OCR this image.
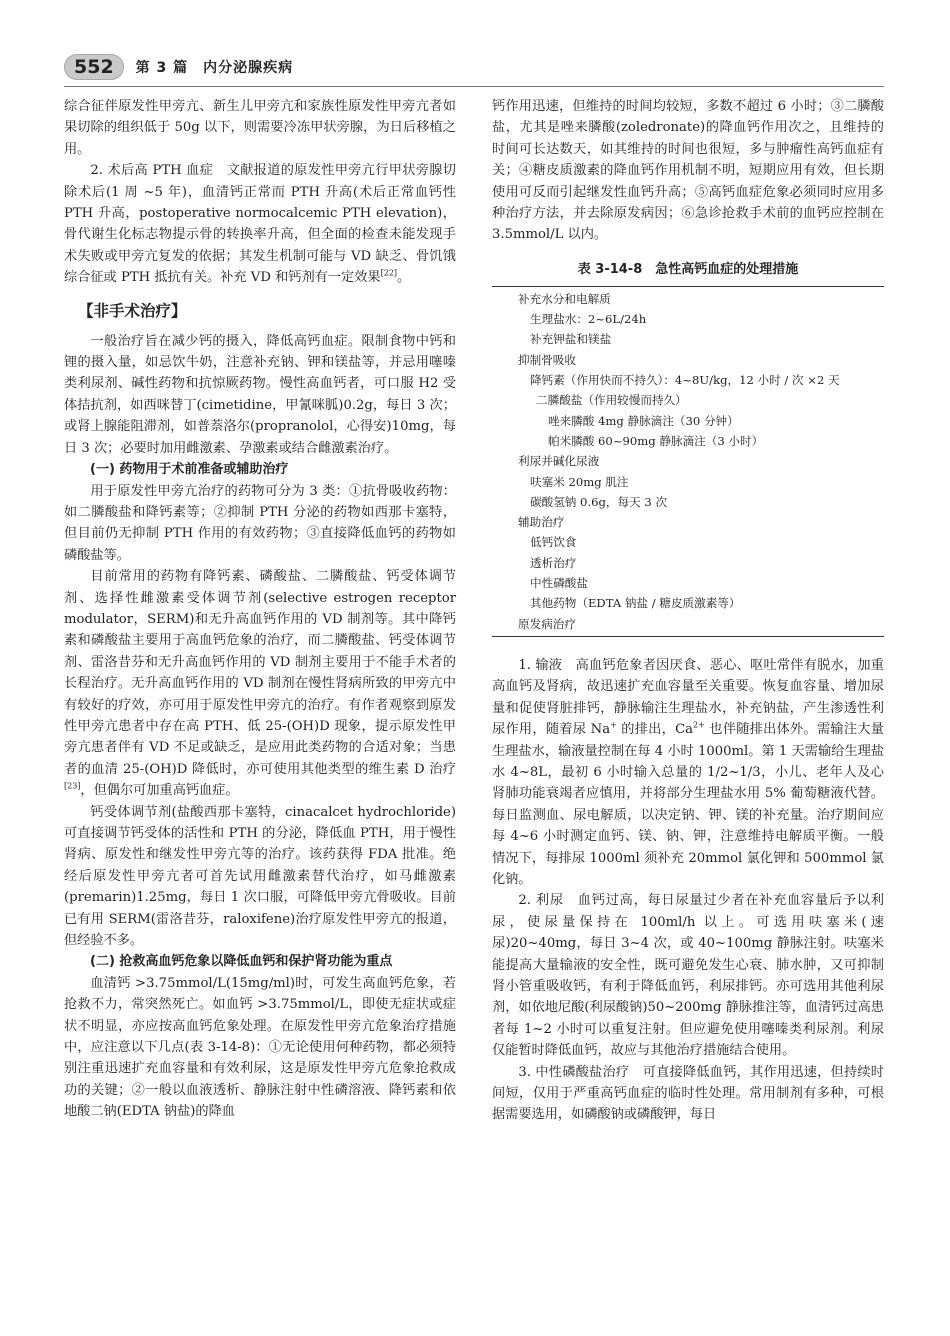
552	第 3 篇　内分泌腺疾病

综合征伴原发性甲旁亢、新生儿甲旁亢和家族性原发性甲旁亢者如果切除的组织低于 50g 以下，则需要冷冻甲状旁腺，为日后移植之用。

2. 术后高 PTH 血症　文献报道的原发性甲旁亢行甲状旁腺切除术后(1 周 ~5 年)，血清钙正常而 PTH 升高(术后正常血钙性 PTH 升高，postoperative normocalcemic PTH elevation)，骨代谢生化标志物提示骨的转换率升高，但全面的检查未能发现手术失败或甲旁亢复发的依据；其发生机制可能与 VD 缺乏、骨饥饿综合征或 PTH 抵抗有关。补充 VD 和钙剂有一定效果[22]。

【非手术治疗】

一般治疗旨在减少钙的摄入，降低高钙血症。限制食物中钙和锂的摄入量，如忌饮牛奶，注意补充钠、钾和镁盐等，并忌用噻嗪类利尿剂、碱性药物和抗惊厥药物。慢性高血钙者，可口服 H2 受体拮抗剂，如西咪替丁(cimetidine，甲氰咪胍)0.2g，每日 3 次；或肾上腺能阻滞剂，如普萘洛尔(propranolol，心得安)10mg，每日 3 次；必要时加用雌激素、孕激素或结合雌激素治疗。

(一) 药物用于术前准备或辅助治疗

用于原发性甲旁亢治疗的药物可分为 3 类：①抗骨吸收药物：如二膦酸盐和降钙素等；②抑制 PTH 分泌的药物如西那卡塞特，但目前仍无抑制 PTH 作用的有效药物；③直接降低血钙的药物如磷酸盐等。

目前常用的药物有降钙素、磷酸盐、二膦酸盐、钙受体调节剂、选择性雌激素受体调节剂(selective estrogen receptor modulator，SERM)和无升高血钙作用的 VD 制剂等。其中降钙素和磷酸盐主要用于高血钙危象的治疗，而二膦酸盐、钙受体调节剂、雷洛昔芬和无升高血钙作用的 VD 制剂主要用于不能手术者的长程治疗。无升高血钙作用的 VD 制剂在慢性肾病所致的甲旁亢中有较好的疗效，亦可用于原发性甲旁亢的治疗。有作者观察到原发性甲旁亢患者中存在高 PTH、低 25-(OH)D 现象，提示原发性甲旁亢患者伴有 VD 不足或缺乏，是应用此类药物的合适对象；当患者的血清 25-(OH)D 降低时，亦可使用其他类型的维生素 D 治疗[23]，但偶尔可加重高钙血症。

钙受体调节剂(盐酸西那卡塞特，cinacalcet hydrochloride)可直接调节钙受体的活性和 PTH 的分泌，降低血 PTH，用于慢性肾病、原发性和继发性甲旁亢等的治疗。该药获得 FDA 批准。绝经后原发性甲旁亢者可首先试用雌激素替代治疗，如马雌激素(premarin)1.25mg，每日 1 次口服，可降低甲旁亢骨吸收。目前已有用 SERM(雷洛昔芬，raloxifene)治疗原发性甲旁亢的报道，但经验不多。

(二) 抢救高血钙危象以降低血钙和保护肾功能为重点

血清钙 >3.75mmol/L(15mg/ml)时，可发生高血钙危象，若抢救不力，常突然死亡。如血钙 >3.75mmol/L，即使无症状或症状不明显，亦应按高血钙危象处理。在原发性甲旁亢危象治疗措施中，应注意以下几点(表 3-14-8)：①无论使用何种药物，都必须特别注重迅速扩充血容量和有效利尿，这是原发性甲旁亢危象抢救成功的关键；②一般以血液透析、静脉注射中性磷溶液、降钙素和依地酸二钠(EDTA 钠盐)的降血

钙作用迅速，但维持的时间均较短，多数不超过 6 小时；③二膦酸盐，尤其是唑来膦酸(zoledronate)的降血钙作用次之，且维持的时间可长达数天，如其维持的时间也很短，多与肿瘤性高钙血症有关；④糖皮质激素的降血钙作用机制不明，短期应用有效，但长期使用可反而引起继发性血钙升高；⑤高钙血症危象必须同时应用多种治疗方法，并去除原发病因；⑥急诊抢救手术前的血钙应控制在 3.5mmol/L 以内。

表 3-14-8　急性高钙血症的处理措施
补充水分和电解质
生理盐水：2~6L/24h
补充钾盐和镁盐
抑制骨吸收
降钙素（作用快而不持久）：4~8U/kg，12 小时 / 次 ×2 天
二膦酸盐（作用较慢而持久）
唑来膦酸 4mg 静脉滴注（30 分钟）
帕米膦酸 60~90mg 静脉滴注（3 小时）
利尿并碱化尿液
呋塞米 20mg 肌注
碳酸氢钠 0.6g，每天 3 次
辅助治疗
低钙饮食
透析治疗
中性磷酸盐
其他药物（EDTA 钠盐 / 糖皮质激素等）
原发病治疗

1. 输液　高血钙危象者因厌食、恶心、呕吐常伴有脱水，加重高血钙及肾病，故迅速扩充血容量至关重要。恢复血容量、增加尿量和促使肾脏排钙，静脉输注生理盐水，补充钠盐，产生渗透性利尿作用，随着尿 Na+ 的排出，$Ca^{2+}$ 也伴随排出体外。需输注大量生理盐水，输液量控制在每 4 小时 1000ml。第 1 天需输给生理盐水 4~8L，最初 6 小时输入总量的 1/2~1/3，小儿、老年人及心肾肺功能衰竭者应慎用，并将部分生理盐水用 5% 葡萄糖液代替。每日监测血、尿电解质，以决定钠、钾、镁的补充量。治疗期间应每 4~6 小时测定血钙、镁、钠、钾，注意维持电解质平衡。一般情况下，每排尿 1000ml 须补充 20mmol 氯化钾和 500mmol 氯化钠。

2. 利尿　血钙过高，每日尿量过少者在补充血容量后予以利尿，使尿量保持在 100ml/h 以上。可选用呋塞米(速尿)20~40mg，每日 3~4 次，或 40~100mg 静脉注射。呋塞米能提高大量输液的安全性，既可避免发生心衰、肺水肿，又可抑制肾小管重吸收钙，有利于降低血钙，利尿排钙。亦可选用其他利尿剂，如依地尼酸(利尿酸钠)50~200mg 静脉推注等，血清钙过高患者每 1~2 小时可以重复注射。但应避免使用噻嗪类利尿剂。利尿仅能暂时降低血钙，故应与其他治疗措施结合使用。

3. 中性磷酸盐治疗　可直接降低血钙，其作用迅速，但持续时间短，仅用于严重高钙血症的临时性处理。常用制剂有多种，可根据需要选用，如磷酸钠或磷酸钾，每日
